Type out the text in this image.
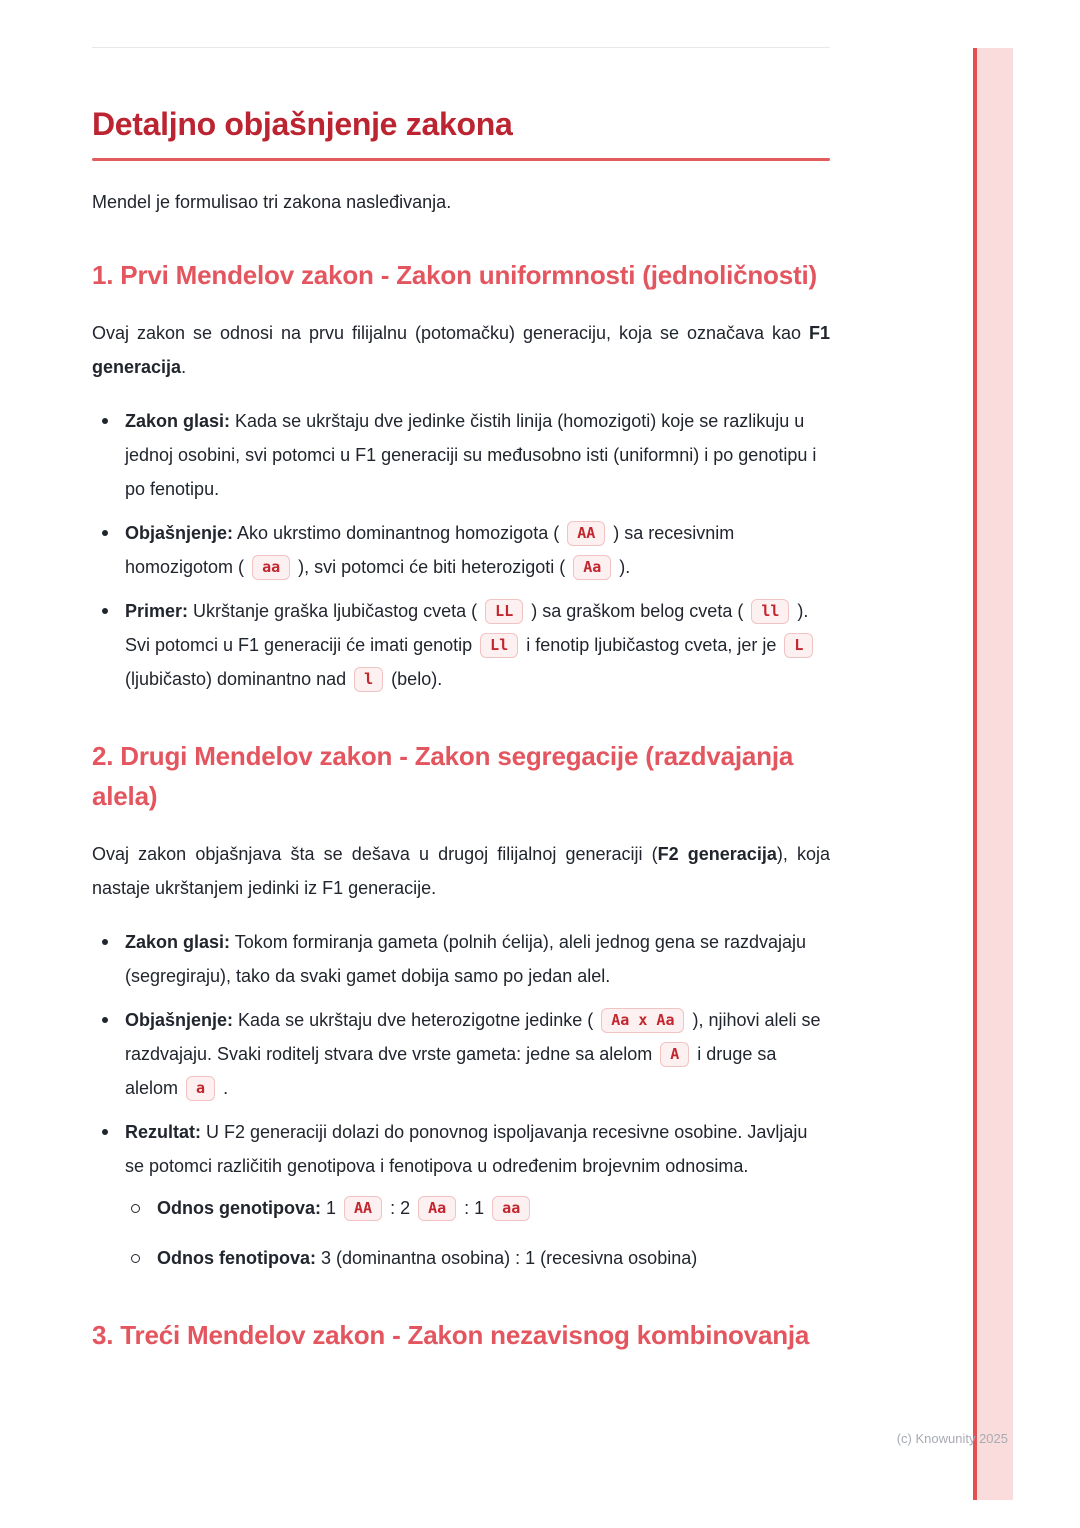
Detaljno objašnjenje zakona

Mendel je formulisao tri zakona nasleđivanja.

1. Prvi Mendelov zakon - Zakon uniformnosti (jednoličnosti)

Ovaj zakon se odnosi na prvu filijalnu (potomačku) generaciju, koja se označava kao F1 generacija.

Zakon glasi: Kada se ukrštaju dve jedinke čistih linija (homozigoti) koje se razlikuju u jednoj osobini, svi potomci u F1 generaciji su međusobno isti (uniformni) i po genotipu i po fenotipu.
Objašnjenje: Ako ukrstimo dominantnog homozigota ( AA ) sa recesivnim homozigotom ( aa ), svi potomci će biti heterozigoti ( Aa ).
Primer: Ukrštanje graška ljubičastog cveta ( LL ) sa graškom belog cveta ( ll ). Svi potomci u F1 generaciji će imati genotip Ll i fenotip ljubičastog cveta, jer je L (ljubičasto) dominantno nad l (belo).
2. Drugi Mendelov zakon - Zakon segregacije (razdvajanja alela)

Ovaj zakon objašnjava šta se dešava u drugoj filijalnoj generaciji (F2 generacija), koja nastaje ukrštanjem jedinki iz F1 generacije.

Zakon glasi: Tokom formiranja gameta (polnih ćelija), aleli jednog gena se razdvajaju (segregiraju), tako da svaki gamet dobija samo po jedan alel.
Objašnjenje: Kada se ukrštaju dve heterozigotne jedinke ( Aa x Aa ), njihovi aleli se razdvajaju. Svaki roditelj stvara dve vrste gameta: jedne sa alelom A i druge sa alelom a .
Rezultat: U F2 generaciji dolazi do ponovnog ispoljavanja recesivne osobine. Javljaju se potomci različitih genotipova i fenotipova u određenim brojevnim odnosima.
Odnos genotipova: 1 AA : 2 Aa : 1 aa
Odnos fenotipova: 3 (dominantna osobina) : 1 (recesivna osobina)
3. Treći Mendelov zakon - Zakon nezavisnog kombinovanja
(c) Knowunity 2025
